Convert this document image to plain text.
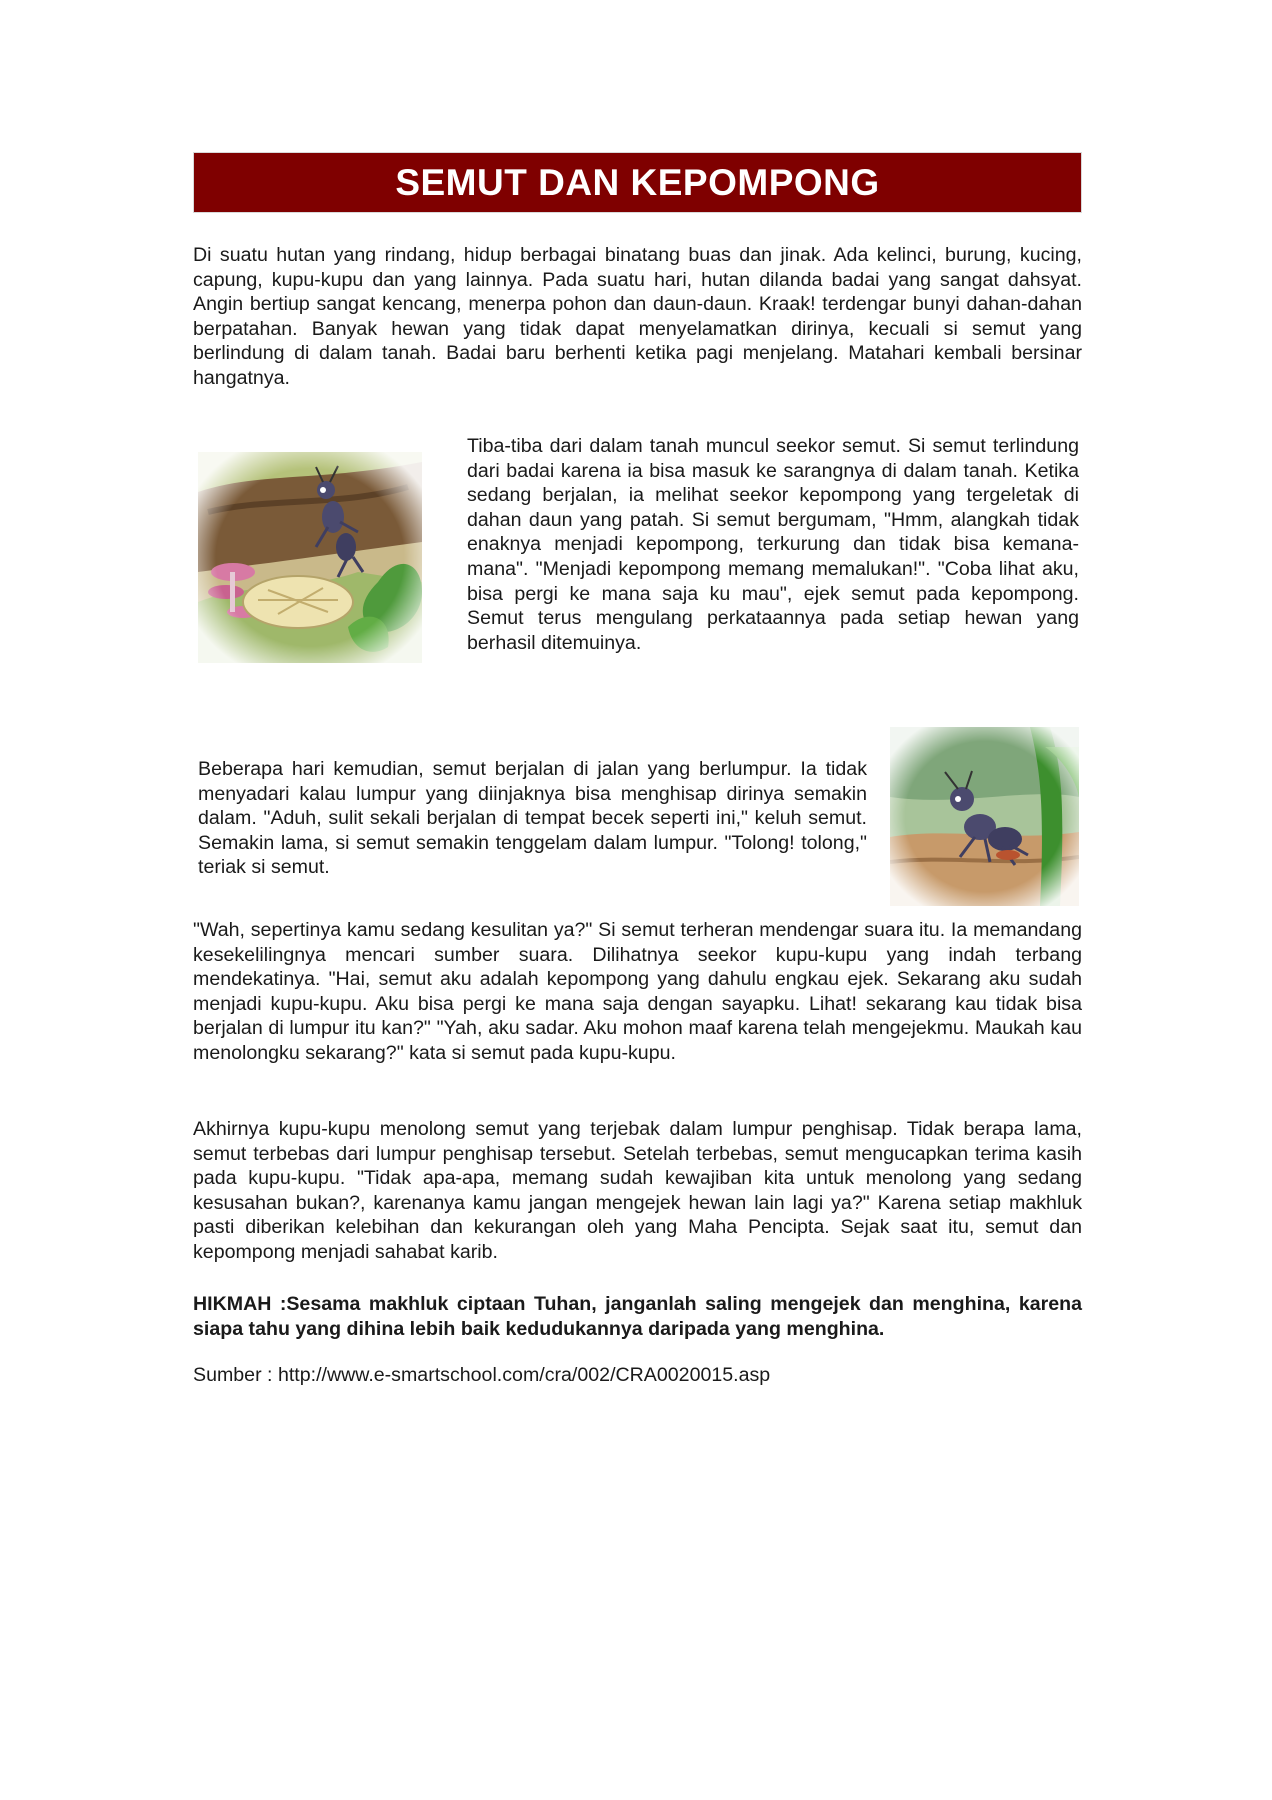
SEMUT DAN KEPOMPONG

Di suatu hutan yang rindang, hidup berbagai binatang buas dan jinak. Ada kelinci, burung, kucing, capung, kupu-kupu dan yang lainnya. Pada suatu hari, hutan dilanda badai yang sangat dahsyat. Angin bertiup sangat kencang, menerpa pohon dan daun-daun. Kraak! terdengar bunyi dahan-dahan berpatahan. Banyak hewan yang tidak dapat menyelamatkan dirinya, kecuali si semut yang berlindung di dalam tanah. Badai baru berhenti ketika pagi menjelang. Matahari kembali bersinar hangatnya.

Tiba-tiba dari dalam tanah muncul seekor semut. Si semut terlindung dari badai karena ia bisa masuk ke sarangnya di dalam tanah. Ketika sedang berjalan, ia melihat seekor kepompong yang tergeletak di dahan daun yang patah. Si semut bergumam, "Hmm, alangkah tidak enaknya menjadi kepompong, terkurung dan tidak bisa kemana-mana". "Menjadi kepompong memang memalukan!". "Coba lihat aku, bisa pergi ke mana saja ku mau", ejek semut pada kepompong. Semut terus mengulang perkataannya pada setiap hewan yang berhasil ditemuinya.

Beberapa hari kemudian, semut berjalan di jalan yang berlumpur. Ia tidak menyadari kalau lumpur yang diinjaknya bisa menghisap dirinya semakin dalam. "Aduh, sulit sekali berjalan di tempat becek seperti ini," keluh semut. Semakin lama, si semut semakin tenggelam dalam lumpur. "Tolong! tolong," teriak si semut.

"Wah, sepertinya kamu sedang kesulitan ya?" Si semut terheran mendengar suara itu. Ia memandang kesekelilingnya mencari sumber suara. Dilihatnya seekor kupu-kupu yang indah terbang mendekatinya. "Hai, semut aku adalah kepompong yang dahulu engkau ejek. Sekarang aku sudah menjadi kupu-kupu. Aku bisa pergi ke mana saja dengan sayapku. Lihat! sekarang kau tidak bisa berjalan di lumpur itu kan?" "Yah, aku sadar. Aku mohon maaf karena telah mengejekmu. Maukah kau menolongku sekarang?" kata si semut pada kupu-kupu.

Akhirnya kupu-kupu menolong semut yang terjebak dalam lumpur penghisap. Tidak berapa lama, semut terbebas dari lumpur penghisap tersebut. Setelah terbebas, semut mengucapkan terima kasih pada kupu-kupu. "Tidak apa-apa, memang sudah kewajiban kita untuk menolong yang sedang kesusahan bukan?, karenanya kamu jangan mengejek hewan lain lagi ya?" Karena setiap makhluk pasti diberikan kelebihan dan kekurangan oleh yang Maha Pencipta. Sejak saat itu, semut dan kepompong menjadi sahabat karib.

HIKMAH :Sesama makhluk ciptaan Tuhan, janganlah saling mengejek dan menghina, karena siapa tahu yang dihina lebih baik kedudukannya daripada yang menghina.

Sumber : http://www.e-smartschool.com/cra/002/CRA0020015.asp
